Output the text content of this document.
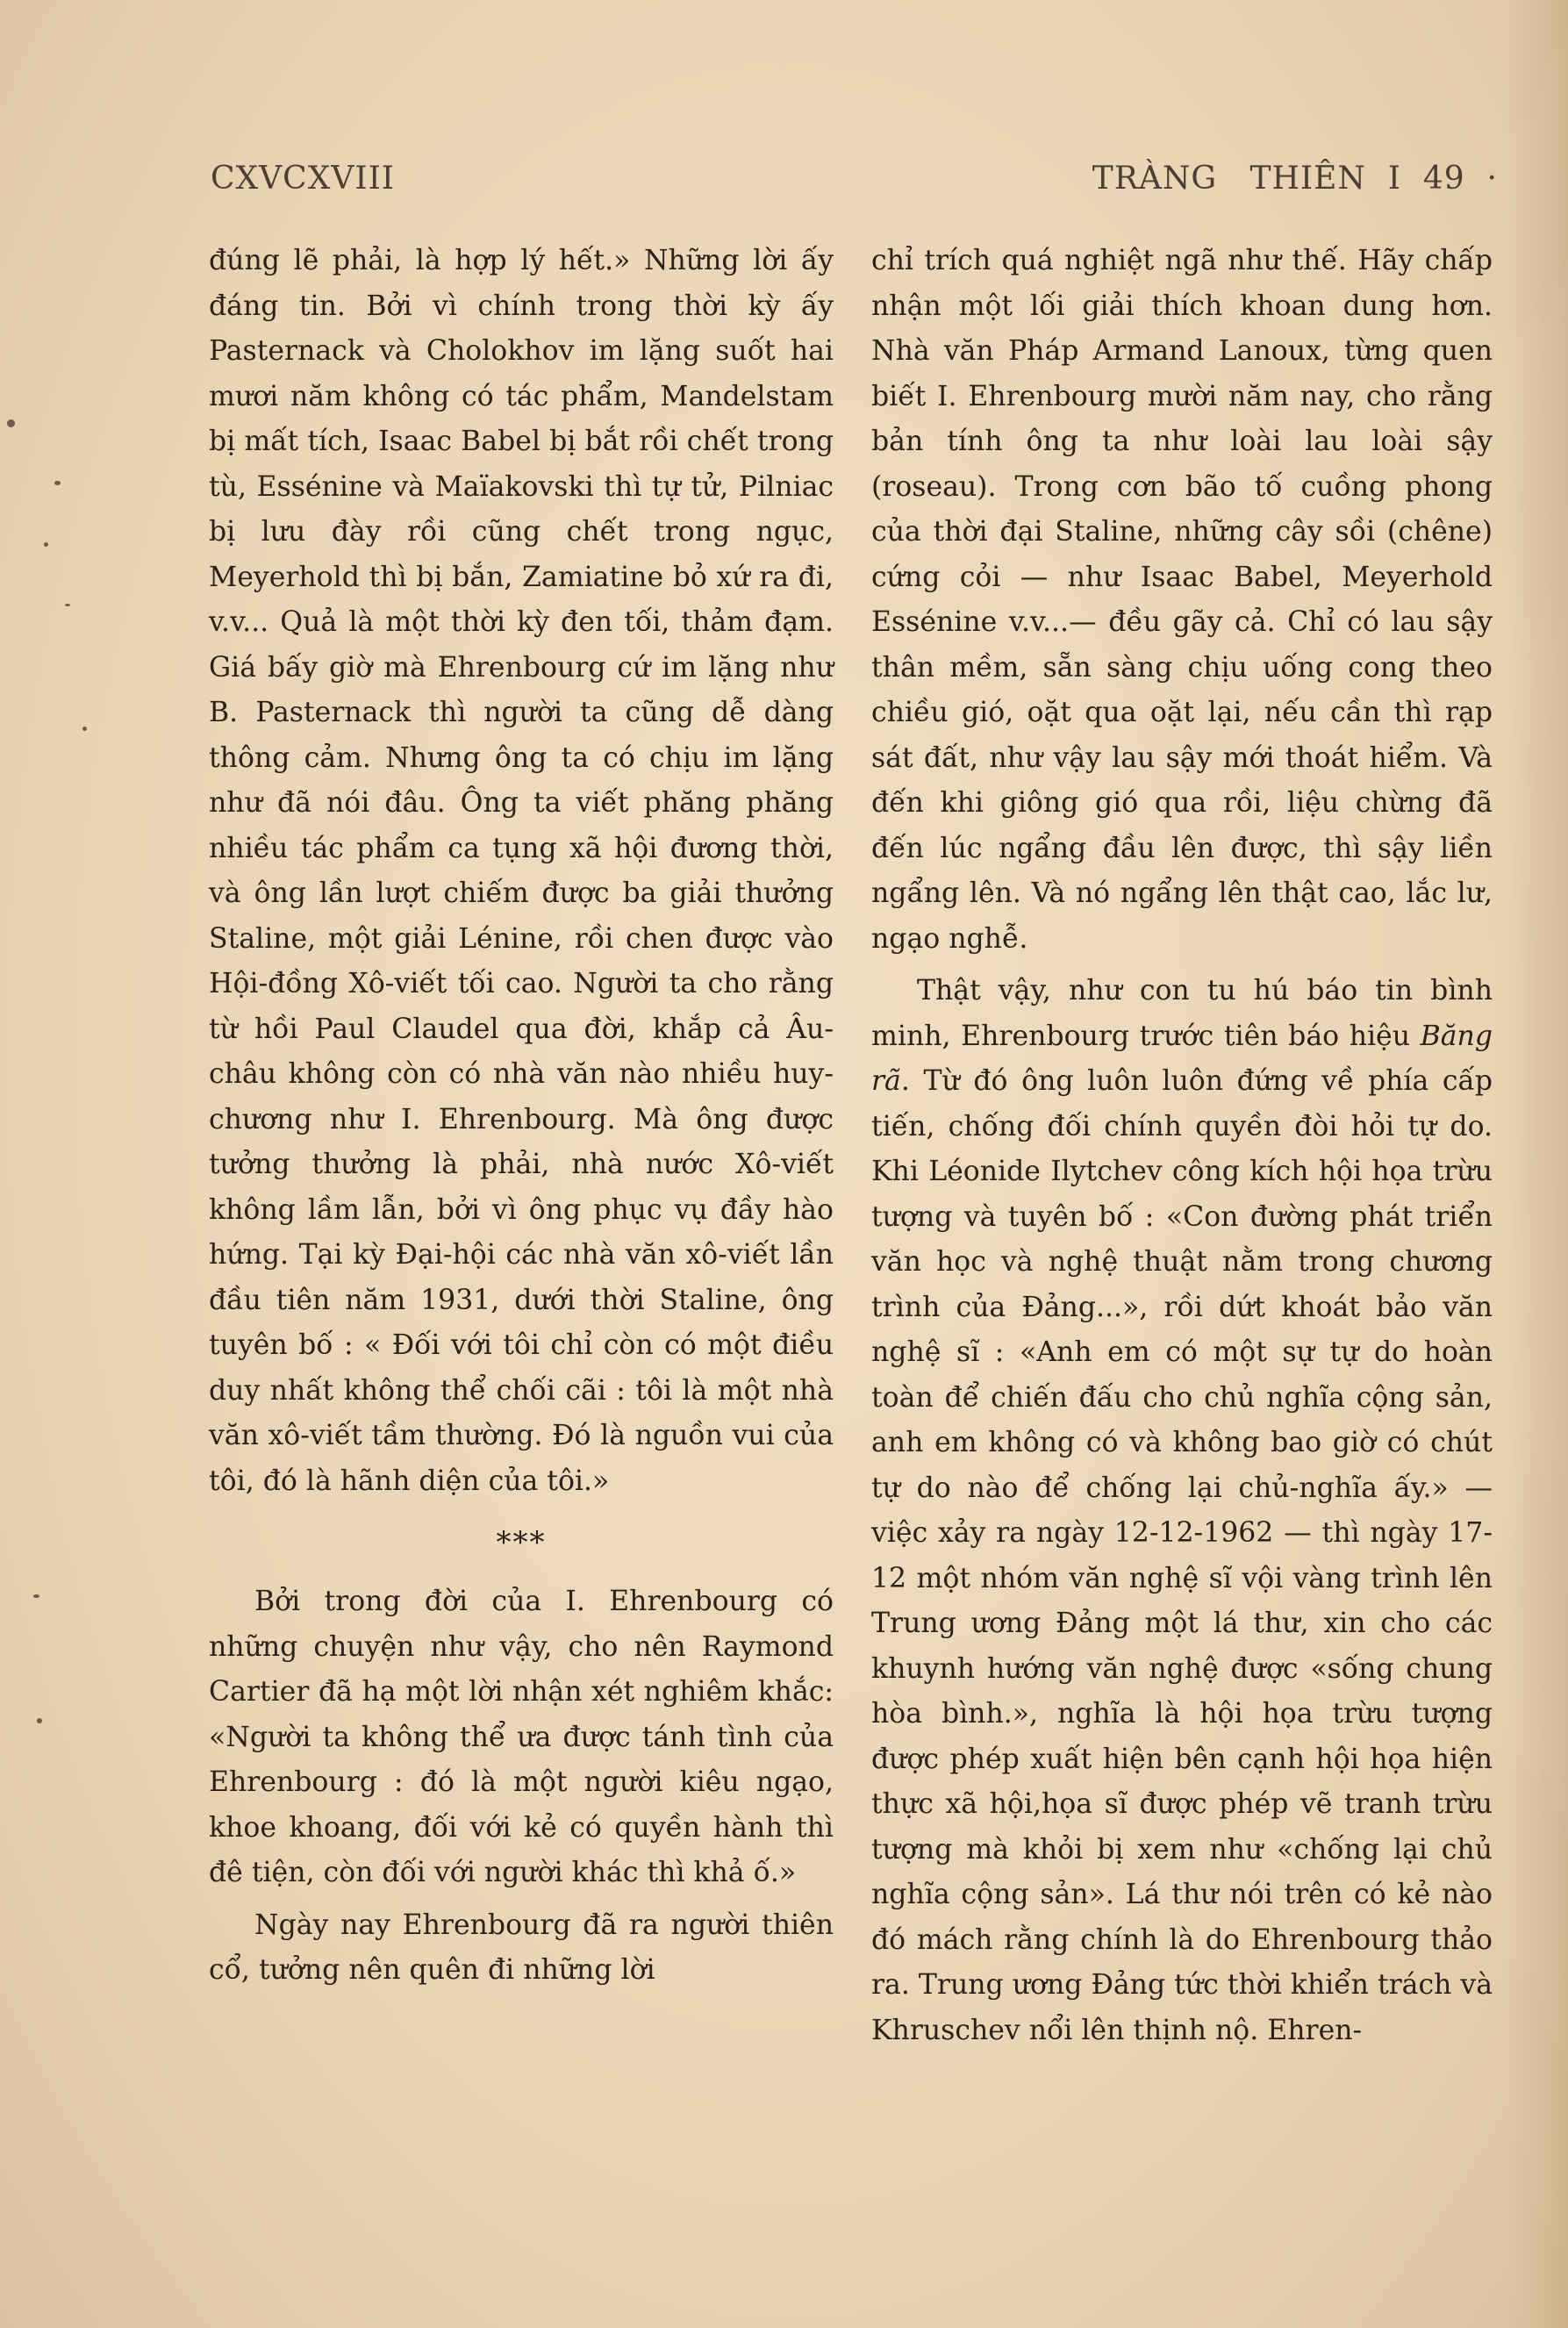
CXVCXVIII	TRÀNG   THIÊN  I  49  ·

đúng lẽ phải, là hợp lý hết.» Những lời ấy đáng tin. Bởi vì chính trong thời kỳ ấy Pasternack và Cholokhov im lặng suốt hai mươi năm không có tác phẩm, Mandelstam bị mất tích, Isaac Babel bị bắt rồi chết trong tù, Essénine và Maïakovski thì tự tử, Pilniac bị lưu đày rồi cũng chết trong ngục, Meyerhold thì bị bắn, Zamiatine bỏ xứ ra đi, v.v... Quả là một thời kỳ đen tối, thảm đạm. Giá bấy giờ mà Ehrenbourg cứ im lặng như B. Pasternack thì người ta cũng dễ dàng thông cảm. Nhưng ông ta có chịu im lặng như đã nói đâu. Ông ta viết phăng phăng nhiều tác phẩm ca tụng xã hội đương thời, và ông lần lượt chiếm được ba giải thưởng Staline, một giải Lénine, rồi chen được vào Hội-đồng Xô-viết tối cao. Người ta cho rằng từ hồi Paul Claudel qua đời, khắp cả Âu-châu không còn có nhà văn nào nhiều huy-chương như I. Ehrenbourg. Mà ông được tưởng thưởng là phải, nhà nước Xô-viết không lầm lẫn, bởi vì ông phục vụ đầy hào hứng. Tại kỳ Đại-hội các nhà văn xô-viết lần đầu tiên năm 1931, dưới thời Staline, ông tuyên bố : « Đối với tôi chỉ còn có một điều duy nhất không thể chối cãi : tôi là một nhà văn xô-viết tầm thường. Đó là nguồn vui của tôi, đó là hãnh diện của tôi.»

*⁠*⁠*

Bởi trong đời của I. Ehrenbourg có những chuyện như vậy, cho nên Raymond Cartier đã hạ một lời nhận xét nghiêm khắc: «Người ta không thể ưa được tánh tình của Ehrenbourg : đó là một người kiêu ngạo, khoe khoang, đối với kẻ có quyền hành thì đê tiện, còn đối với người khác thì khả ố.»

Ngày nay Ehrenbourg đã ra người thiên cổ, tưởng nên quên đi những lời

chỉ trích quá nghiệt ngã như thế. Hãy chấp nhận một lối giải thích khoan dung hơn. Nhà văn Pháp Armand Lanoux, từng quen biết I. Ehrenbourg mười năm nay, cho rằng bản tính ông ta như loài lau loài sậy (roseau). Trong cơn bão tố cuồng phong của thời đại Staline, những cây sồi (chêne) cứng cỏi — như Isaac Babel, Meyerhold Essénine v.v...— đều gãy cả. Chỉ có lau sậy thân mềm, sẵn sàng chịu uống cong theo chiều gió, oặt qua oặt lại, nếu cần thì rạp sát đất, như vậy lau sậy mới thoát hiểm. Và đến khi giông gió qua rồi, liệu chừng đã đến lúc ngẩng đầu lên được, thì sậy liền ngẩng lên. Và nó ngẩng lên thật cao, lắc lư, ngạo nghễ.

Thật vậy, như con tu hú báo tin bình minh, Ehrenbourg trước tiên báo hiệu Băng rã. Từ đó ông luôn luôn đứng về phía cấp tiến, chống đối chính quyền đòi hỏi tự do. Khi Léonide Ilytchev công kích hội họa trừu tượng và tuyên bố : «Con đường phát triển văn học và nghệ thuật nằm trong chương trình của Đảng...», rồi dứt khoát bảo văn nghệ sĩ : «Anh em có một sự tự do hoàn toàn để chiến đấu cho chủ nghĩa cộng sản, anh em không có và không bao giờ có chút tự do nào để chống lại chủ-nghĩa ấy.» — việc xảy ra ngày 12-12-1962 — thì ngày 17-12 một nhóm văn nghệ sĩ vội vàng trình lên Trung ương Đảng một lá thư, xin cho các khuynh hướng văn nghệ được «sống chung hòa bình.», nghĩa là hội họa trừu tượng được phép xuất hiện bên cạnh hội họa hiện thực xã hội,họa sĩ được phép vẽ tranh trừu tượng mà khỏi bị xem như «chống lại chủ nghĩa cộng sản». Lá thư nói trên có kẻ nào đó mách rằng chính là do Ehrenbourg thảo ra. Trung ương Đảng tức thời khiển trách và Khruschev nổi lên thịnh nộ. Ehren-
